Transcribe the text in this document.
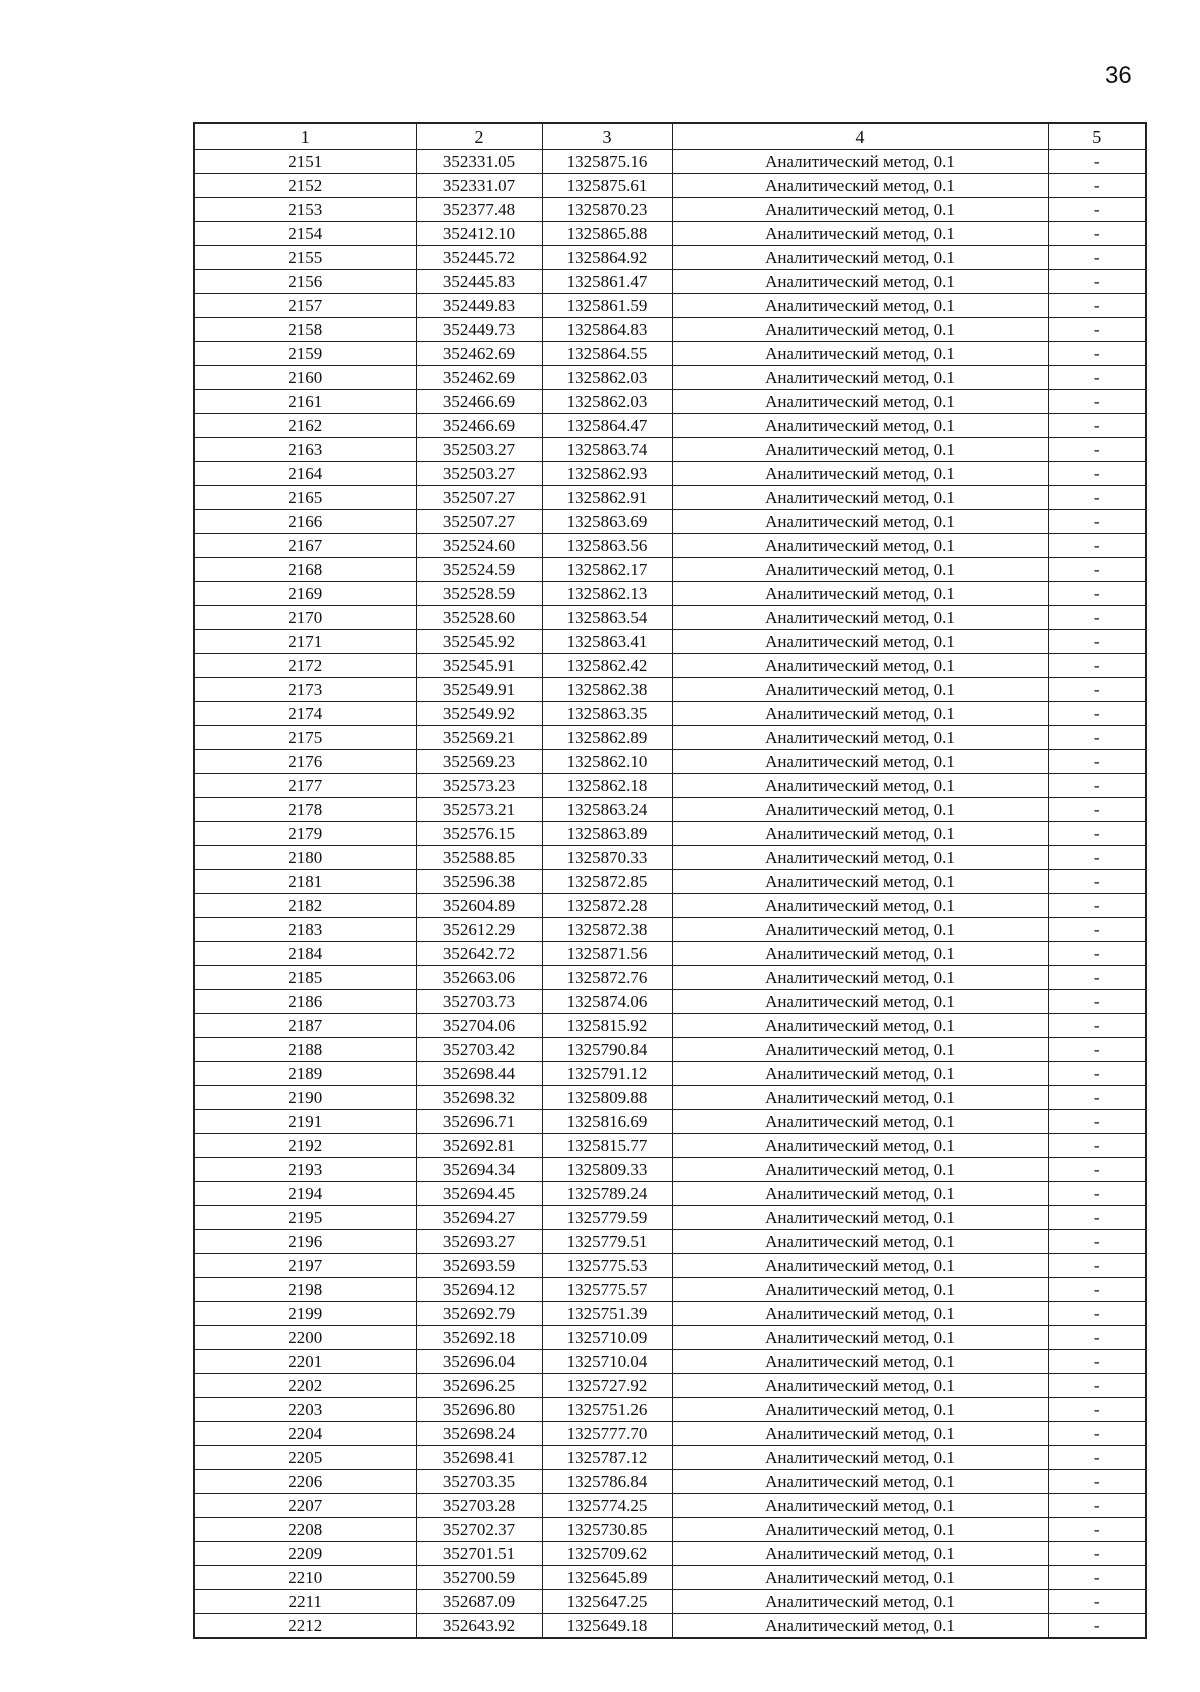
36
1	2	3	4	5
2151	352331.05	1325875.16	Аналитический метод, 0.1	-
2152	352331.07	1325875.61	Аналитический метод, 0.1	-
2153	352377.48	1325870.23	Аналитический метод, 0.1	-
2154	352412.10	1325865.88	Аналитический метод, 0.1	-
2155	352445.72	1325864.92	Аналитический метод, 0.1	-
2156	352445.83	1325861.47	Аналитический метод, 0.1	-
2157	352449.83	1325861.59	Аналитический метод, 0.1	-
2158	352449.73	1325864.83	Аналитический метод, 0.1	-
2159	352462.69	1325864.55	Аналитический метод, 0.1	-
2160	352462.69	1325862.03	Аналитический метод, 0.1	-
2161	352466.69	1325862.03	Аналитический метод, 0.1	-
2162	352466.69	1325864.47	Аналитический метод, 0.1	-
2163	352503.27	1325863.74	Аналитический метод, 0.1	-
2164	352503.27	1325862.93	Аналитический метод, 0.1	-
2165	352507.27	1325862.91	Аналитический метод, 0.1	-
2166	352507.27	1325863.69	Аналитический метод, 0.1	-
2167	352524.60	1325863.56	Аналитический метод, 0.1	-
2168	352524.59	1325862.17	Аналитический метод, 0.1	-
2169	352528.59	1325862.13	Аналитический метод, 0.1	-
2170	352528.60	1325863.54	Аналитический метод, 0.1	-
2171	352545.92	1325863.41	Аналитический метод, 0.1	-
2172	352545.91	1325862.42	Аналитический метод, 0.1	-
2173	352549.91	1325862.38	Аналитический метод, 0.1	-
2174	352549.92	1325863.35	Аналитический метод, 0.1	-
2175	352569.21	1325862.89	Аналитический метод, 0.1	-
2176	352569.23	1325862.10	Аналитический метод, 0.1	-
2177	352573.23	1325862.18	Аналитический метод, 0.1	-
2178	352573.21	1325863.24	Аналитический метод, 0.1	-
2179	352576.15	1325863.89	Аналитический метод, 0.1	-
2180	352588.85	1325870.33	Аналитический метод, 0.1	-
2181	352596.38	1325872.85	Аналитический метод, 0.1	-
2182	352604.89	1325872.28	Аналитический метод, 0.1	-
2183	352612.29	1325872.38	Аналитический метод, 0.1	-
2184	352642.72	1325871.56	Аналитический метод, 0.1	-
2185	352663.06	1325872.76	Аналитический метод, 0.1	-
2186	352703.73	1325874.06	Аналитический метод, 0.1	-
2187	352704.06	1325815.92	Аналитический метод, 0.1	-
2188	352703.42	1325790.84	Аналитический метод, 0.1	-
2189	352698.44	1325791.12	Аналитический метод, 0.1	-
2190	352698.32	1325809.88	Аналитический метод, 0.1	-
2191	352696.71	1325816.69	Аналитический метод, 0.1	-
2192	352692.81	1325815.77	Аналитический метод, 0.1	-
2193	352694.34	1325809.33	Аналитический метод, 0.1	-
2194	352694.45	1325789.24	Аналитический метод, 0.1	-
2195	352694.27	1325779.59	Аналитический метод, 0.1	-
2196	352693.27	1325779.51	Аналитический метод, 0.1	-
2197	352693.59	1325775.53	Аналитический метод, 0.1	-
2198	352694.12	1325775.57	Аналитический метод, 0.1	-
2199	352692.79	1325751.39	Аналитический метод, 0.1	-
2200	352692.18	1325710.09	Аналитический метод, 0.1	-
2201	352696.04	1325710.04	Аналитический метод, 0.1	-
2202	352696.25	1325727.92	Аналитический метод, 0.1	-
2203	352696.80	1325751.26	Аналитический метод, 0.1	-
2204	352698.24	1325777.70	Аналитический метод, 0.1	-
2205	352698.41	1325787.12	Аналитический метод, 0.1	-
2206	352703.35	1325786.84	Аналитический метод, 0.1	-
2207	352703.28	1325774.25	Аналитический метод, 0.1	-
2208	352702.37	1325730.85	Аналитический метод, 0.1	-
2209	352701.51	1325709.62	Аналитический метод, 0.1	-
2210	352700.59	1325645.89	Аналитический метод, 0.1	-
2211	352687.09	1325647.25	Аналитический метод, 0.1	-
2212	352643.92	1325649.18	Аналитический метод, 0.1	-
